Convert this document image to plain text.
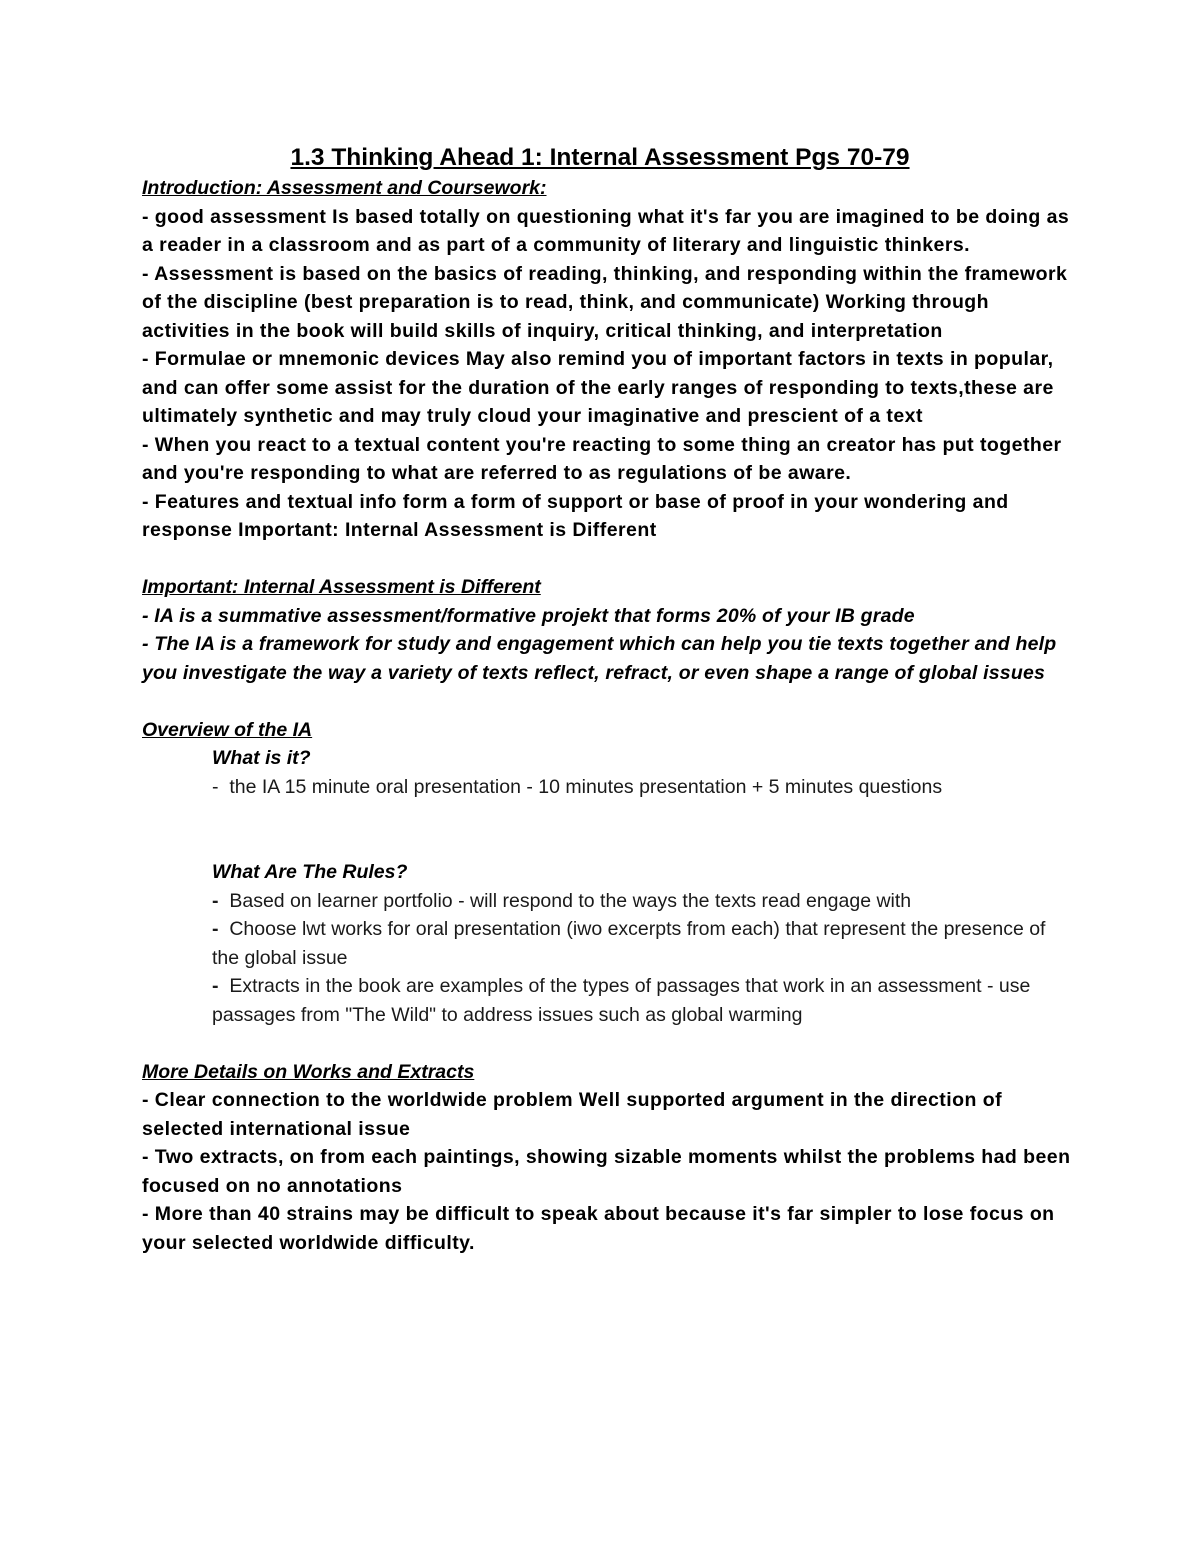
1.3 Thinking Ahead 1: Internal Assessment Pgs 70-79

Introduction: Assessment and Coursework:

- good assessment Is based totally on questioning what it's far you are imagined to be doing as a reader in a classroom and as part of a community of literary and linguistic thinkers.

- Assessment is based on the basics of reading, thinking, and responding within the framework of the discipline (best preparation is to read, think, and communicate) Working through activities in the book will build skills of inquiry, critical thinking, and interpretation

- Formulae or mnemonic devices May also remind you of important factors in texts in popular, and can offer some assist for the duration of the early ranges of responding to texts,these are ultimately synthetic and may truly cloud your imaginative and prescient of a text

- When you react to a textual content you're reacting to some thing an creator has put together and you're responding to what are referred to as regulations of be aware.

- Features and textual info form a form of support or base of proof in your wondering and response Important: Internal Assessment is Different

Important: Internal Assessment is Different

- IA is a summative assessment/formative projekt that forms 20% of your IB grade

- The IA is a framework for study and engagement which can help you tie texts together and help you investigate the way a variety of texts reflect, refract, or even shape a range of global issues

Overview of the IA

What is it?

- the IA 15 minute oral presentation - 10 minutes presentation + 5 minutes questions

What Are The Rules?

- Based on learner portfolio - will respond to the ways the texts read engage with

- Choose lwt works for oral presentation (iwo excerpts from each) that represent the presence of the global issue

- Extracts in the book are examples of the types of passages that work in an assessment - use passages from "The Wild" to address issues such as global warming

More Details on Works and Extracts

- Clear connection to the worldwide problem Well supported argument in the direction of selected international issue

- Two extracts, on from each paintings, showing sizable moments whilst the problems had been focused on no annotations

- More than 40 strains may be difficult to speak about because it's far simpler to lose focus on your selected worldwide difficulty.
